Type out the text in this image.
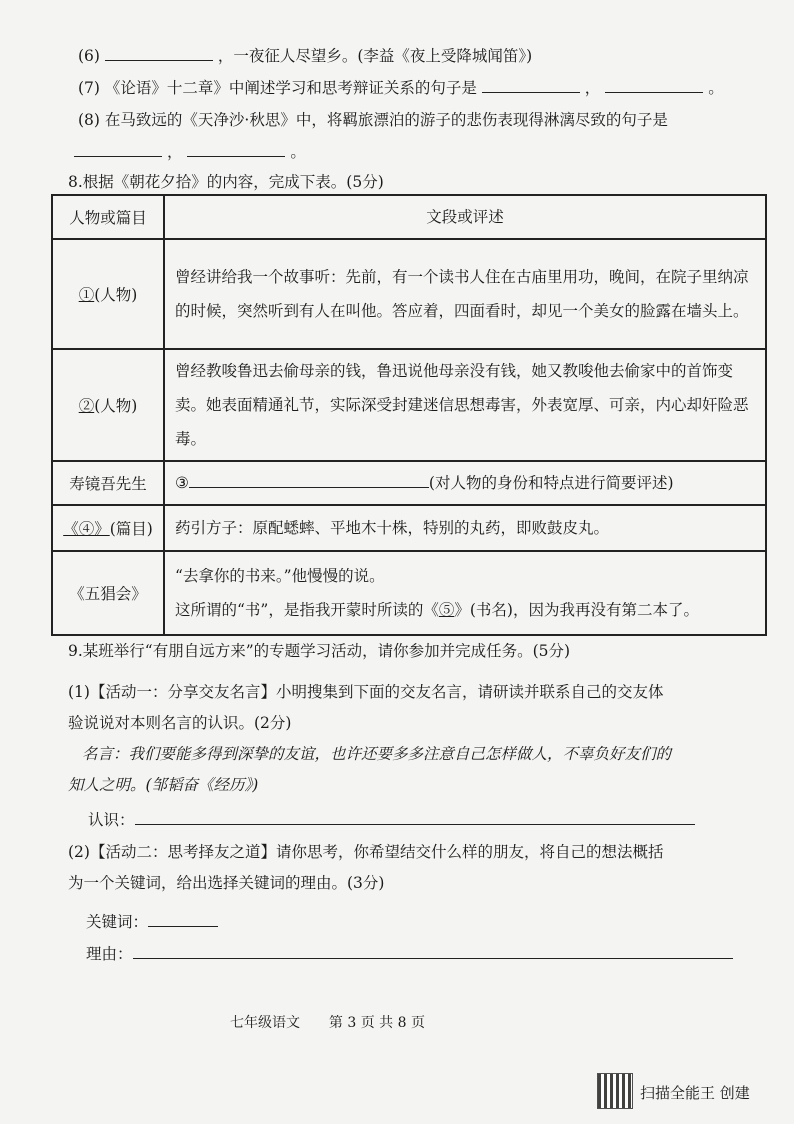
(6)	，一夜征人尽望乡。(李益《夜上受降城闻笛》)
(7) 《论语》十二章》中阐述学习和思考辩证关系的句子是	，	。
(8) 在马致远的《天净沙·秋思》中，将羁旅漂泊的游子的悲伤表现得淋漓尽致的句子是
，	。
8.根据《朝花夕拾》的内容，完成下表。(5分)
人物或篇目	文段或评述
①(人物)	曾经讲给我一个故事听：先前，有一个读书人住在古庙里用功，晚间，在院子里纳凉的时候，突然听到有人在叫他。答应着，四面看时，却见一个美女的脸露在墙头上。
②(人物)	曾经教唆鲁迅去偷母亲的钱，鲁迅说他母亲没有钱，她又教唆他去偷家中的首饰变卖。她表面精通礼节，实际深受封建迷信思想毒害，外表宽厚、可亲，内心却奸险恶毒。
寿镜吾先生	③ (对人物的身份和特点进行简要评述)
《④》(篇目)	药引方子：原配蟋蟀、平地木十株，特别的丸药，即败鼓皮丸。
《五猖会》	“去拿你的书来。”他慢慢的说。
这所谓的“书”，是指我开蒙时所读的《⑤》(书名)，因为我再没有第二本了。
9.某班举行“有朋自远方来”的专题学习活动，请你参加并完成任务。(5分)
(1)【活动一：分享交友名言】小明搜集到下面的交友名言，请研读并联系自己的交友体
验说说对本则名言的认识。(2分)
名言：我们要能多得到深挚的友谊，也许还要多多注意自己怎样做人，不辜负好友们的
知人之明。(邹韬奋《经历》)
认识：
(2)【活动二：思考择友之道】请你思考，你希望结交什么样的朋友，将自己的想法概括
为一个关键词，给出选择关键词的理由。(3分)
关键词：
理由：
七年级语文 第 3 页 共 8 页
扫描全能王 创建
